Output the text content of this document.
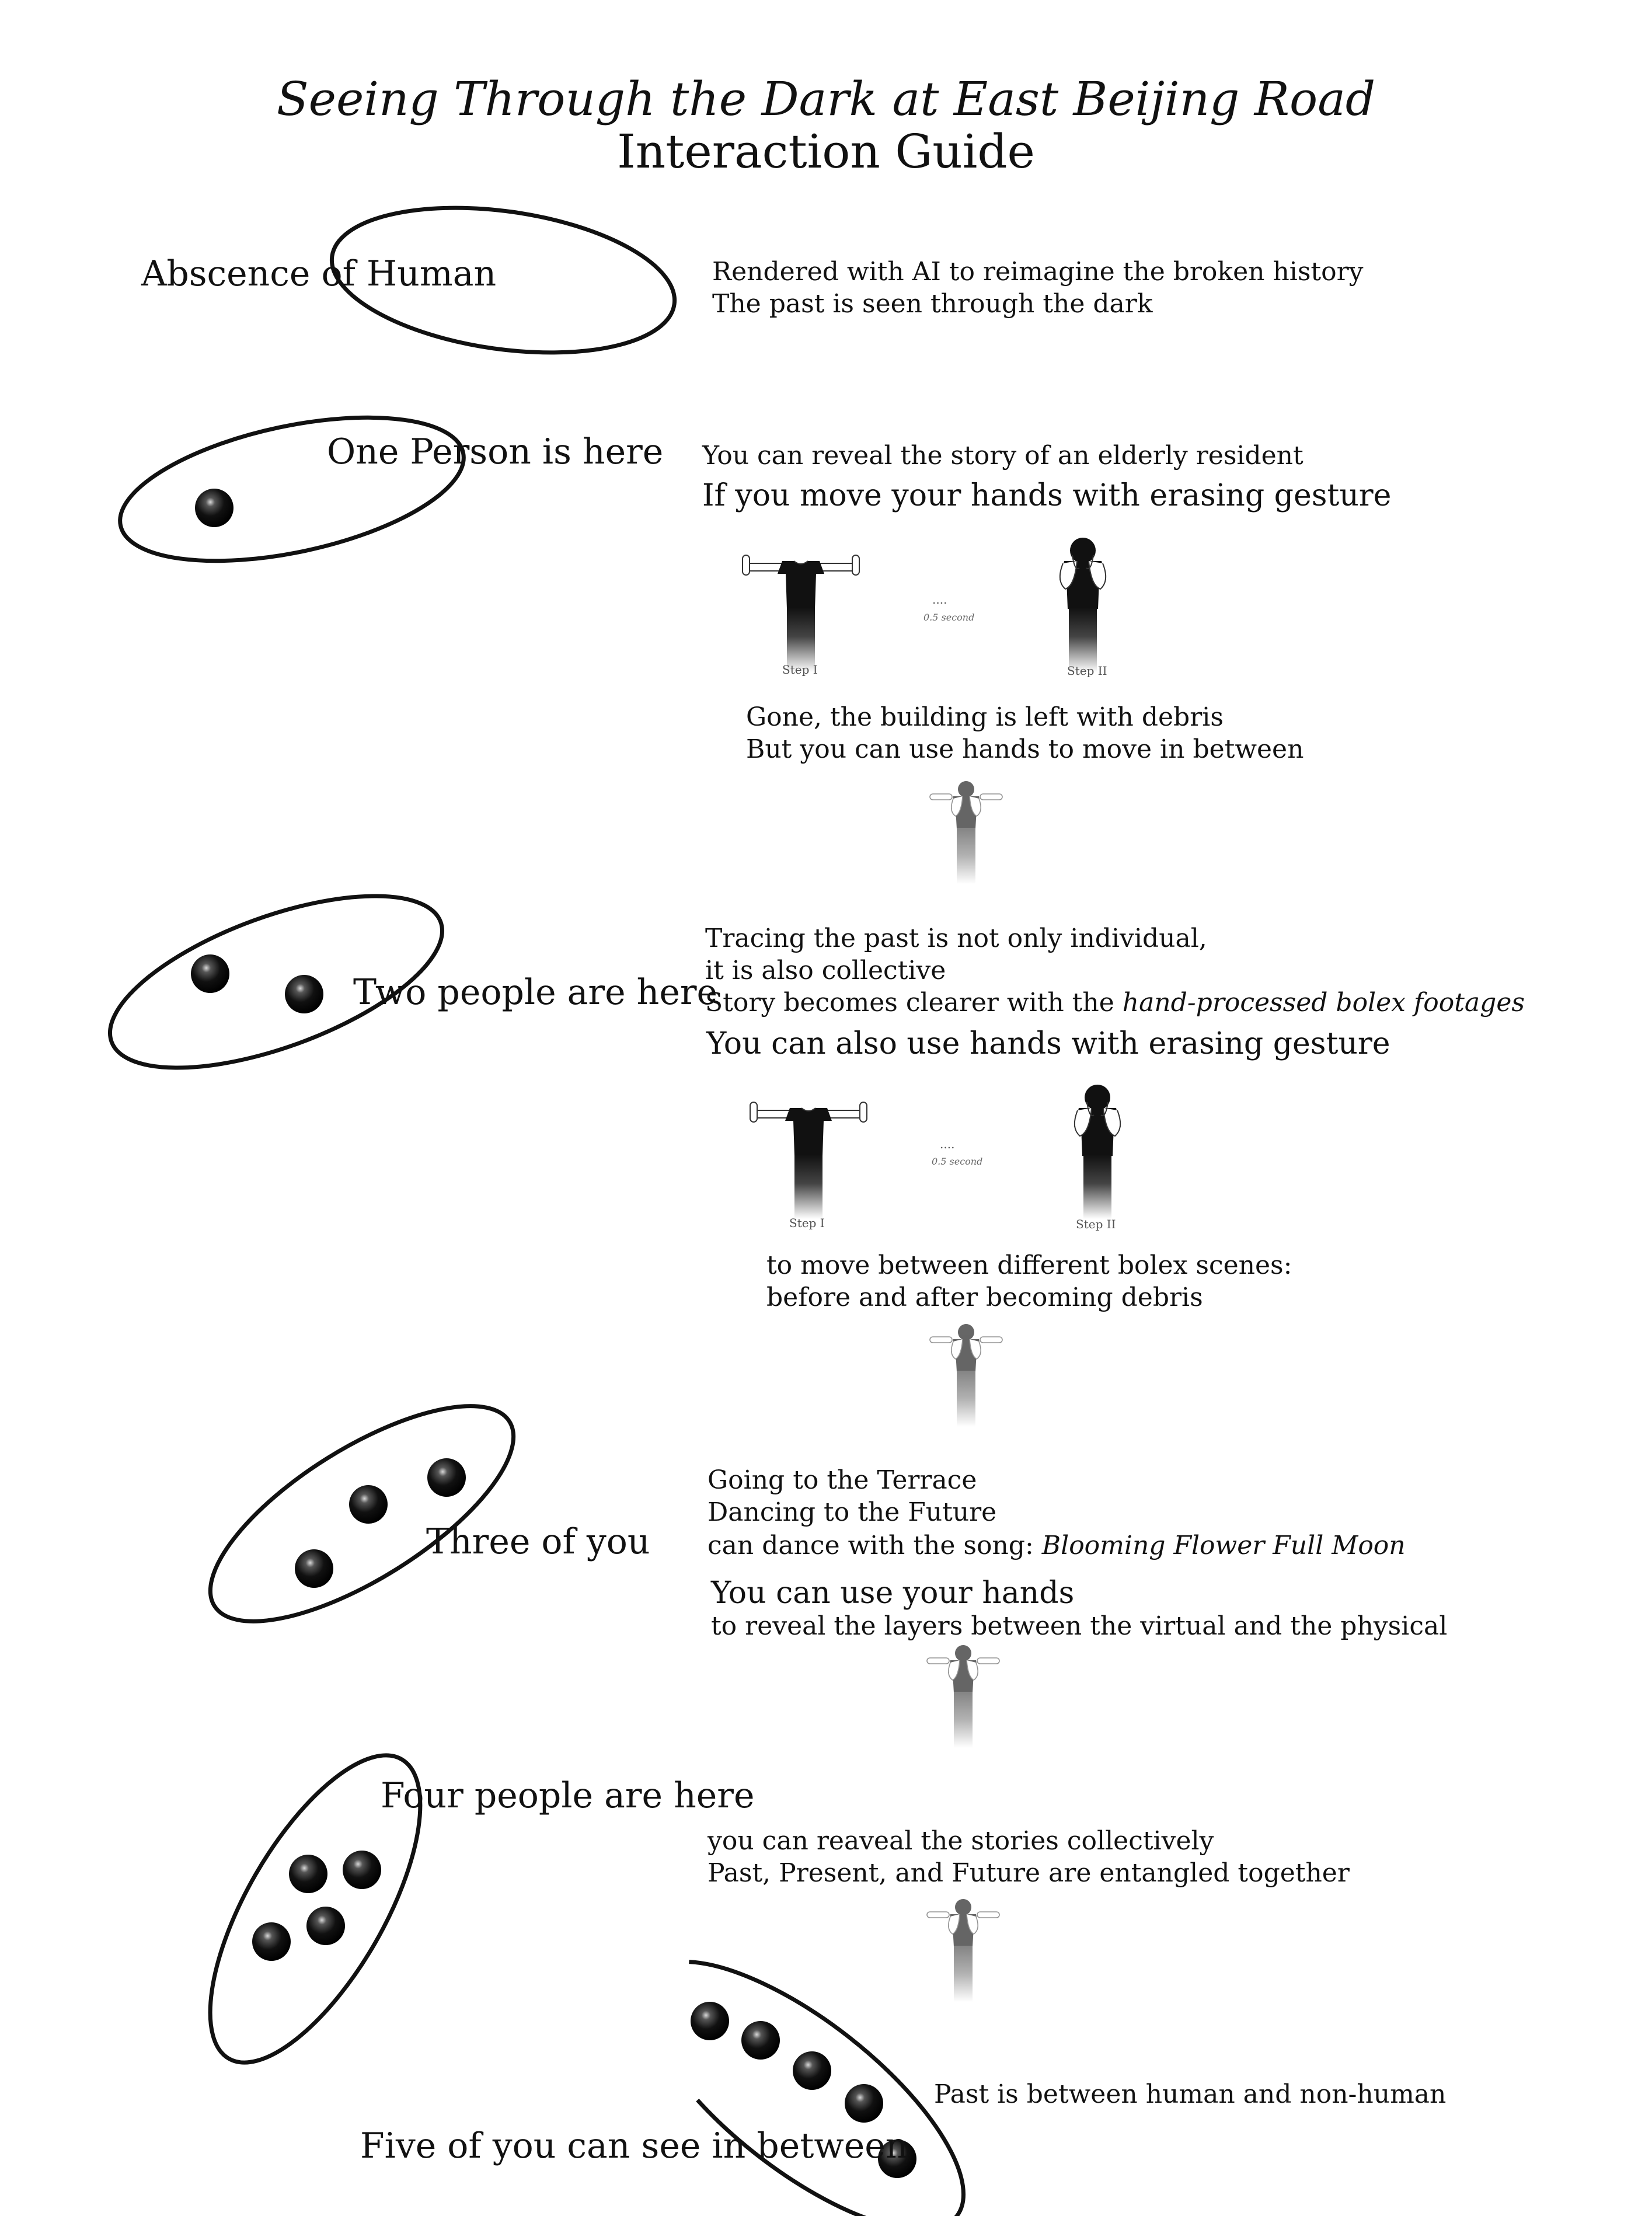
Seeing Through the Dark at East Beijing Road
Interaction Guide
Abscence of Human	Rendered with AI to reimagine the broken history
The past is seen through the dark
One Person is here You can reveal the story of an elderly resident
If you move your hands with erasing gesture
Step I	Step II
....
0.5 second
Gone, the building is left with debris
But you can use hands to move in between
Two people are here
Tracing the past is not only individual,
it is also collective
Story becomes clearer with the hand-processed bolex footages
You can also use hands with erasing gesture
Step I	Step II
....
0.5 second
to move between different bolex scenes:
before and after becoming debris
Three of you
Going to the Terrace
Dancing to the Future
can dance with the song: Blooming Flower Full Moon
You can use your hands
to reveal the layers between the virtual and the physical
Four people are here
you can reaveal the stories collectively
Past, Present, and Future are entangled together
Five of you can see in between
Past is between human and non-human
